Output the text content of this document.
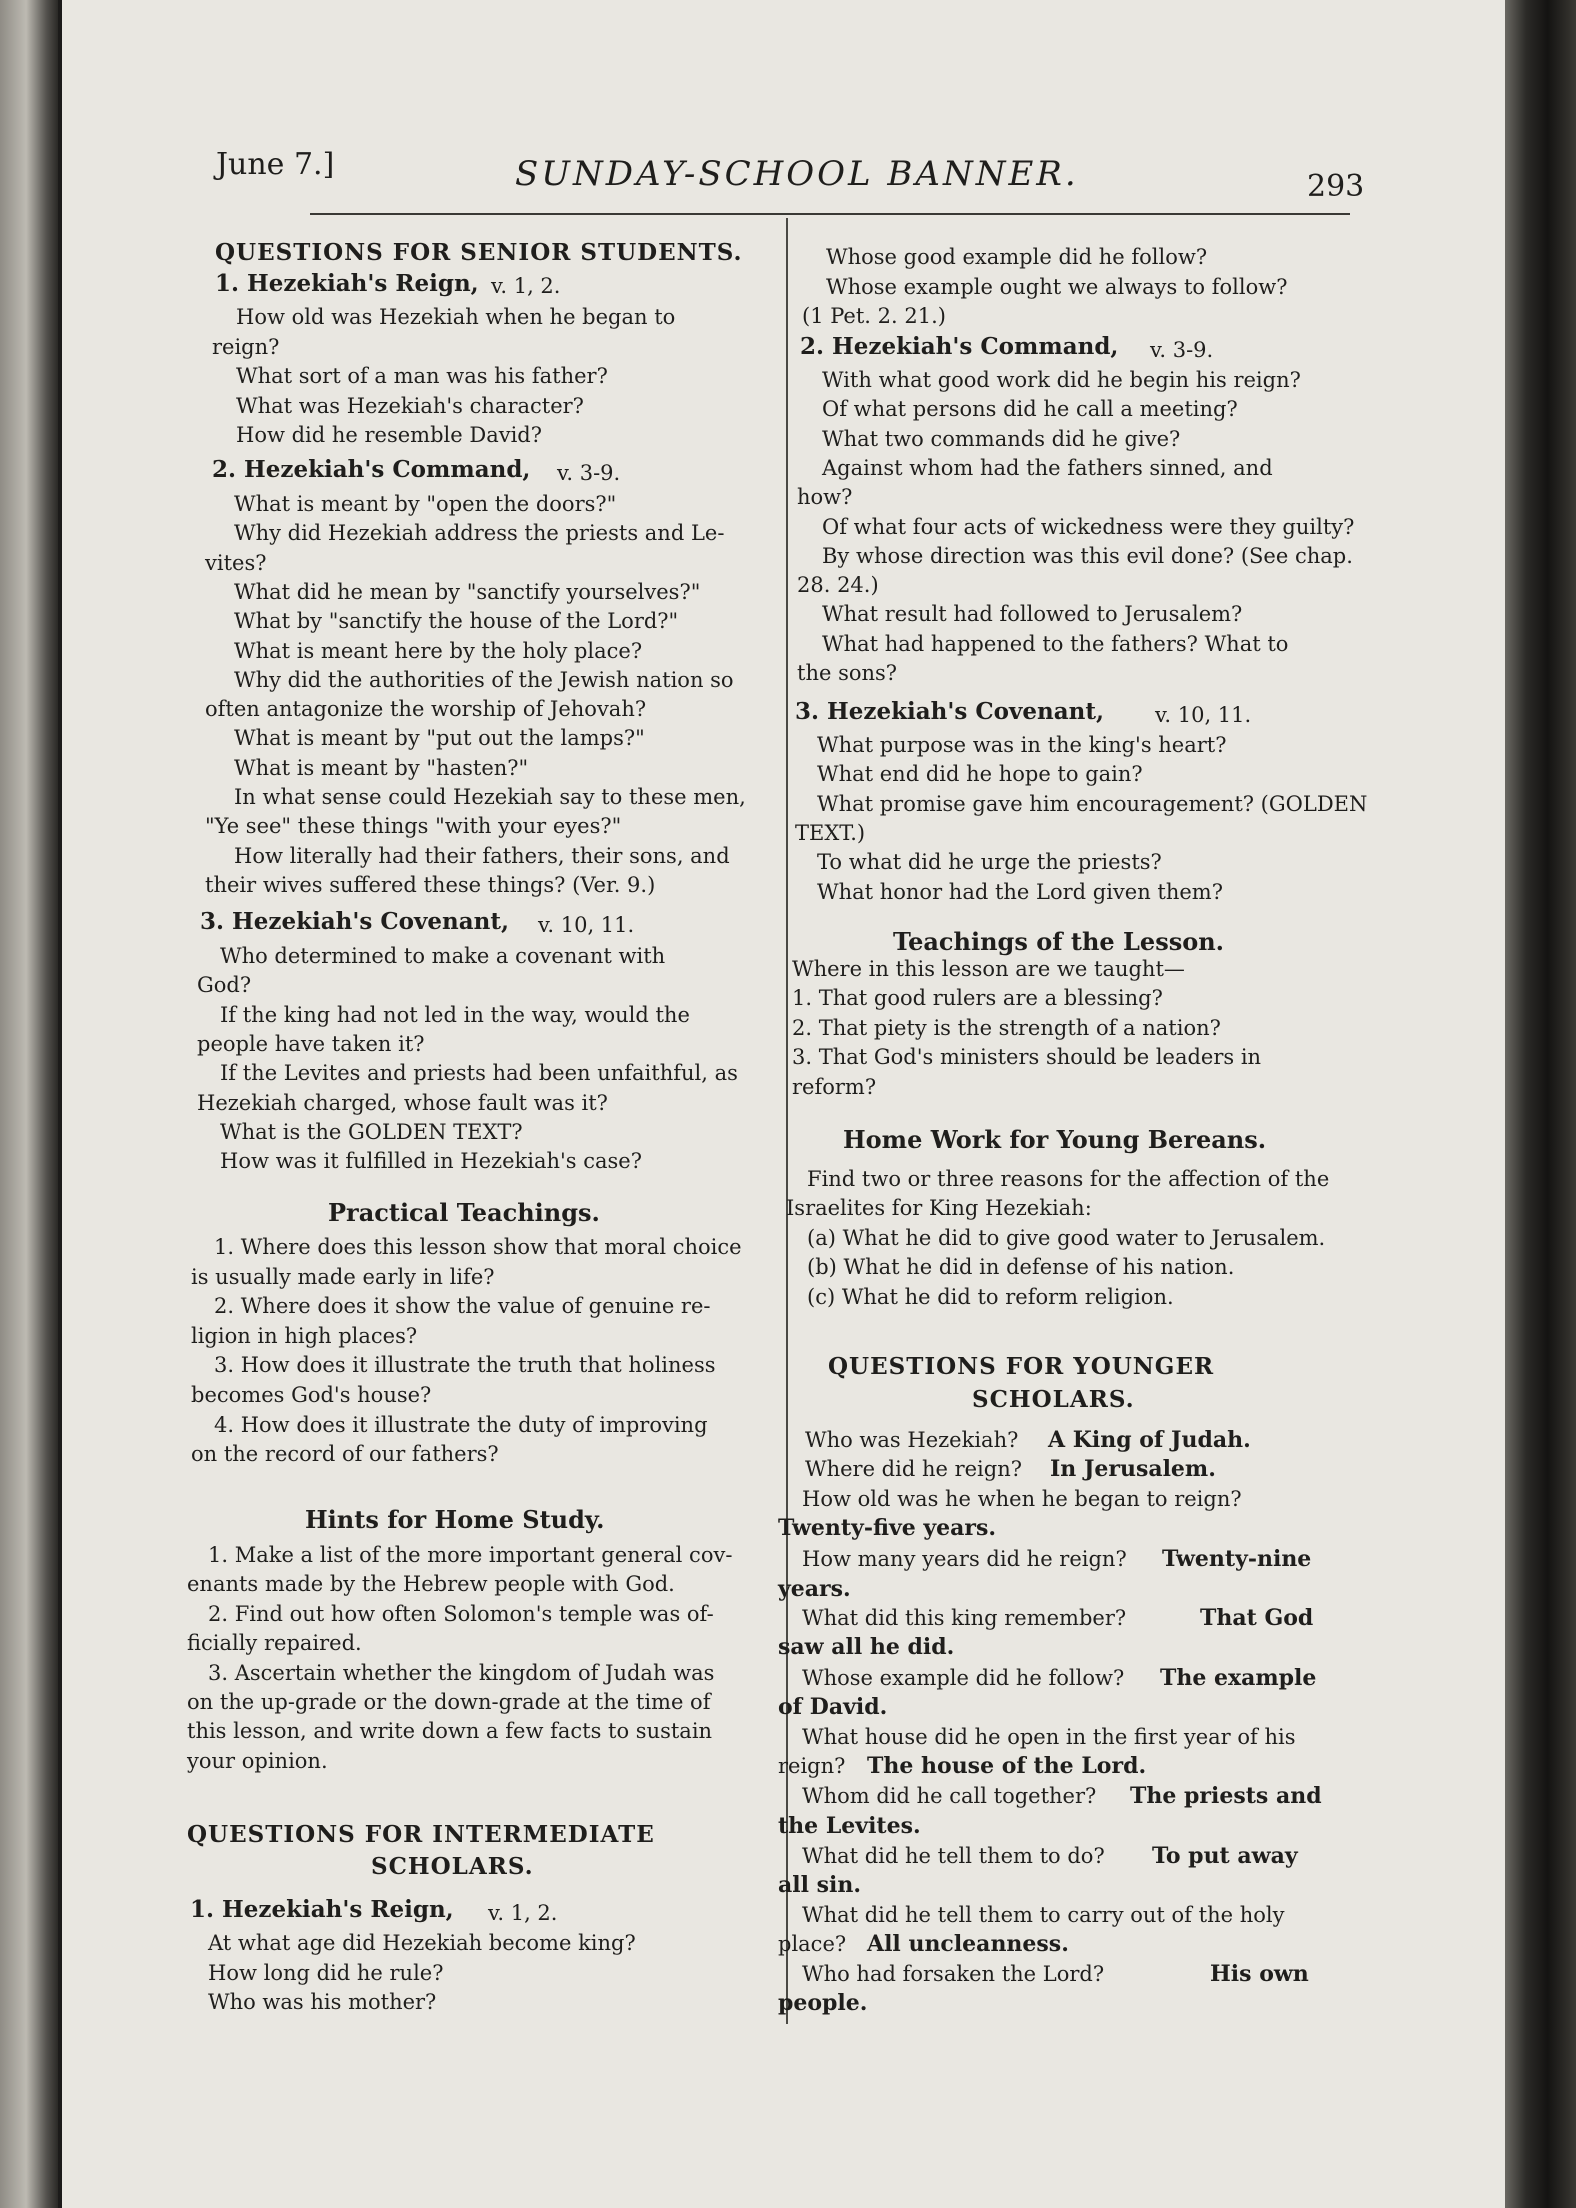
June 7.]	SUNDAY-SCHOOL BANNER.	293
QUESTIONS FOR SENIOR STUDENTS.
1. Hezekiah's Reign, v. 1, 2.
How old was Hezekiah when he began to
reign?
What sort of a man was his father?
What was Hezekiah's character?
How did he resemble David?
2. Hezekiah's Command, v. 3-9.
What is meant by "open the doors?"
Why did Hezekiah address the priests and Le-
vites?
What did he mean by "sanctify yourselves?"
What by "sanctify the house of the Lord?"
What is meant here by the holy place?
Why did the authorities of the Jewish nation so
often antagonize the worship of Jehovah?
What is meant by "put out the lamps?"
What is meant by "hasten?"
In what sense could Hezekiah say to these men,
"Ye see" these things "with your eyes?"
How literally had their fathers, their sons, and
their wives suffered these things? (Ver. 9.)
3. Hezekiah's Covenant, v. 10, 11.
Who determined to make a covenant with
God?
If the king had not led in the way, would the
people have taken it?
If the Levites and priests had been unfaithful, as
Hezekiah charged, whose fault was it?
What is the GOLDEN TEXT?
How was it fulfilled in Hezekiah's case?
Practical Teachings.
1. Where does this lesson show that moral choice
is usually made early in life?
2. Where does it show the value of genuine re-
ligion in high places?
3. How does it illustrate the truth that holiness
becomes God's house?
4. How does it illustrate the duty of improving
on the record of our fathers?
Hints for Home Study.
1. Make a list of the more important general cov-
enants made by the Hebrew people with God.
2. Find out how often Solomon's temple was of-
ficially repaired.
3. Ascertain whether the kingdom of Judah was
on the up-grade or the down-grade at the time of
this lesson, and write down a few facts to sustain
your opinion.
QUESTIONS FOR INTERMEDIATE
SCHOLARS.
1. Hezekiah's Reign, v. 1, 2.
At what age did Hezekiah become king?
How long did he rule?
Who was his mother?
Whose good example did he follow?
Whose example ought we always to follow?
(1 Pet. 2. 21.)
2. Hezekiah's Command, v. 3-9.
With what good work did he begin his reign?
Of what persons did he call a meeting?
What two commands did he give?
Against whom had the fathers sinned, and
how?
Of what four acts of wickedness were they guilty?
By whose direction was this evil done? (See chap.
28. 24.)
What result had followed to Jerusalem?
What had happened to the fathers? What to
the sons?
3. Hezekiah's Covenant, v. 10, 11.
What purpose was in the king's heart?
What end did he hope to gain?
What promise gave him encouragement? (GOLDEN
TEXT.)
To what did he urge the priests?
What honor had the Lord given them?
Teachings of the Lesson.
Where in this lesson are we taught—
1. That good rulers are a blessing?
2. That piety is the strength of a nation?
3. That God's ministers should be leaders in
reform?
Home Work for Young Bereans.
Find two or three reasons for the affection of the
Israelites for King Hezekiah:
(a) What he did to give good water to Jerusalem.
(b) What he did in defense of his nation.
(c) What he did to reform religion.
QUESTIONS FOR YOUNGER
SCHOLARS.
Who was Hezekiah? A King of Judah.
Where did he reign? In Jerusalem.
How old was he when he began to reign?
Twenty-five years.
How many years did he reign? Twenty-nine
years.
What did this king remember?	That God
saw all he did.
Whose example did he follow? The example
of David.
What house did he open in the first year of his
reign? The house of the Lord.
Whom did he call together? The priests and
the Levites.
What did he tell them to do? To put away
all sin.
What did he tell them to carry out of the holy
place? All uncleanness.
Who had forsaken the Lord?	His own
people.
